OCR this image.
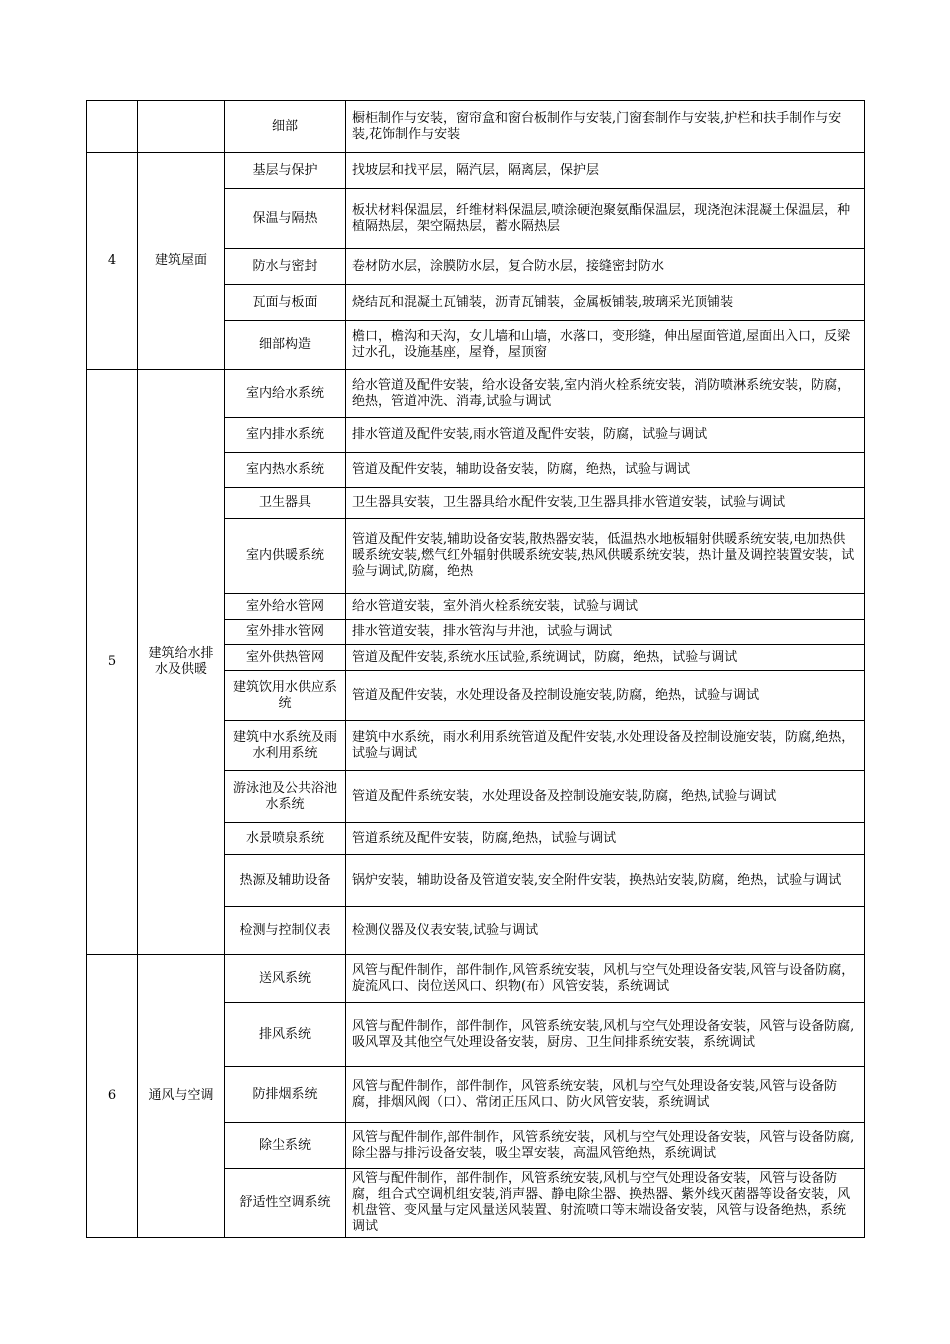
		细部	橱柜制作与安装，窗帘盒和窗台板制作与安装,门窗套制作与安装,护栏和扶手制作与安装,花饰制作与安装
4	建筑屋面	基层与保护	找坡层和找平层，隔汽层，隔离层，保护层
		保温与隔热	板状材料保温层，纤维材料保温层,喷涂硬泡聚氨酯保温层，现浇泡沫混凝土保温层，种植隔热层，架空隔热层，蓄水隔热层
		防水与密封	卷材防水层，涂膜防水层，复合防水层，接缝密封防水
		瓦面与板面	烧结瓦和混凝土瓦铺装，沥青瓦铺装，金属板铺装,玻璃采光顶铺装
		细部构造	檐口，檐沟和天沟，女儿墙和山墙，水落口，变形缝，伸出屋面管道,屋面出入口，反梁过水孔，设施基座，屋脊，屋顶窗
5	建筑给水排水及供暖	室内给水系统	给水管道及配件安装，给水设备安装,室内消火栓系统安装，消防喷淋系统安装，防腐，绝热，管道冲洗、消毒,试验与调试
		室内排水系统	排水管道及配件安装,雨水管道及配件安装，防腐，试验与调试
		室内热水系统	管道及配件安装，辅助设备安装，防腐，绝热，试验与调试
		卫生器具	卫生器具安装，卫生器具给水配件安装,卫生器具排水管道安装，试验与调试
		室内供暖系统	管道及配件安装,辅助设备安装,散热器安装，低温热水地板辐射供暖系统安装,电加热供暖系统安装,燃气红外辐射供暖系统安装,热风供暖系统安装，热计量及调控装置安装，试验与调试,防腐，绝热
		室外给水管网	给水管道安装，室外消火栓系统安装，试验与调试
		室外排水管网	排水管道安装，排水管沟与井池，试验与调试
		室外供热管网	管道及配件安装,系统水压试验,系统调试，防腐，绝热，试验与调试
		建筑饮用水供应系统	管道及配件安装，水处理设备及控制设施安装,防腐，绝热，试验与调试
		建筑中水系统及雨水利用系统	建筑中水系统，雨水利用系统管道及配件安装,水处理设备及控制设施安装，防腐,绝热，试验与调试
		游泳池及公共浴池水系统	管道及配件系统安装，水处理设备及控制设施安装,防腐，绝热,试验与调试
		水景喷泉系统	管道系统及配件安装，防腐,绝热，试验与调试
		热源及辅助设备	锅炉安装，辅助设备及管道安装,安全附件安装，换热站安装,防腐，绝热，试验与调试
		检测与控制仪表	检测仪器及仪表安装,试验与调试
6	通风与空调	送风系统	风管与配件制作，部件制作,风管系统安装，风机与空气处理设备安装,风管与设备防腐，旋流风口、岗位送风口、织物(布）风管安装，系统调试
		排风系统	风管与配件制作，部件制作，风管系统安装,风机与空气处理设备安装，风管与设备防腐,吸风罩及其他空气处理设备安装，厨房、卫生间排系统安装，系统调试
		防排烟系统	风管与配件制作，部件制作，风管系统安装，风机与空气处理设备安装,风管与设备防腐，排烟风阀（口）、常闭正压风口、防火风管安装，系统调试
		除尘系统	风管与配件制作,部件制作，风管系统安装，风机与空气处理设备安装，风管与设备防腐,除尘器与排污设备安装，吸尘罩安装，高温风管绝热，系统调试
		舒适性空调系统	风管与配件制作，部件制作，风管系统安装,风机与空气处理设备安装，风管与设备防腐，组合式空调机组安装,消声器、静电除尘器、换热器、紫外线灭菌器等设备安装，风机盘管、变风量与定风量送风装置、射流喷口等末端设备安装，风管与设备绝热，系统调试
